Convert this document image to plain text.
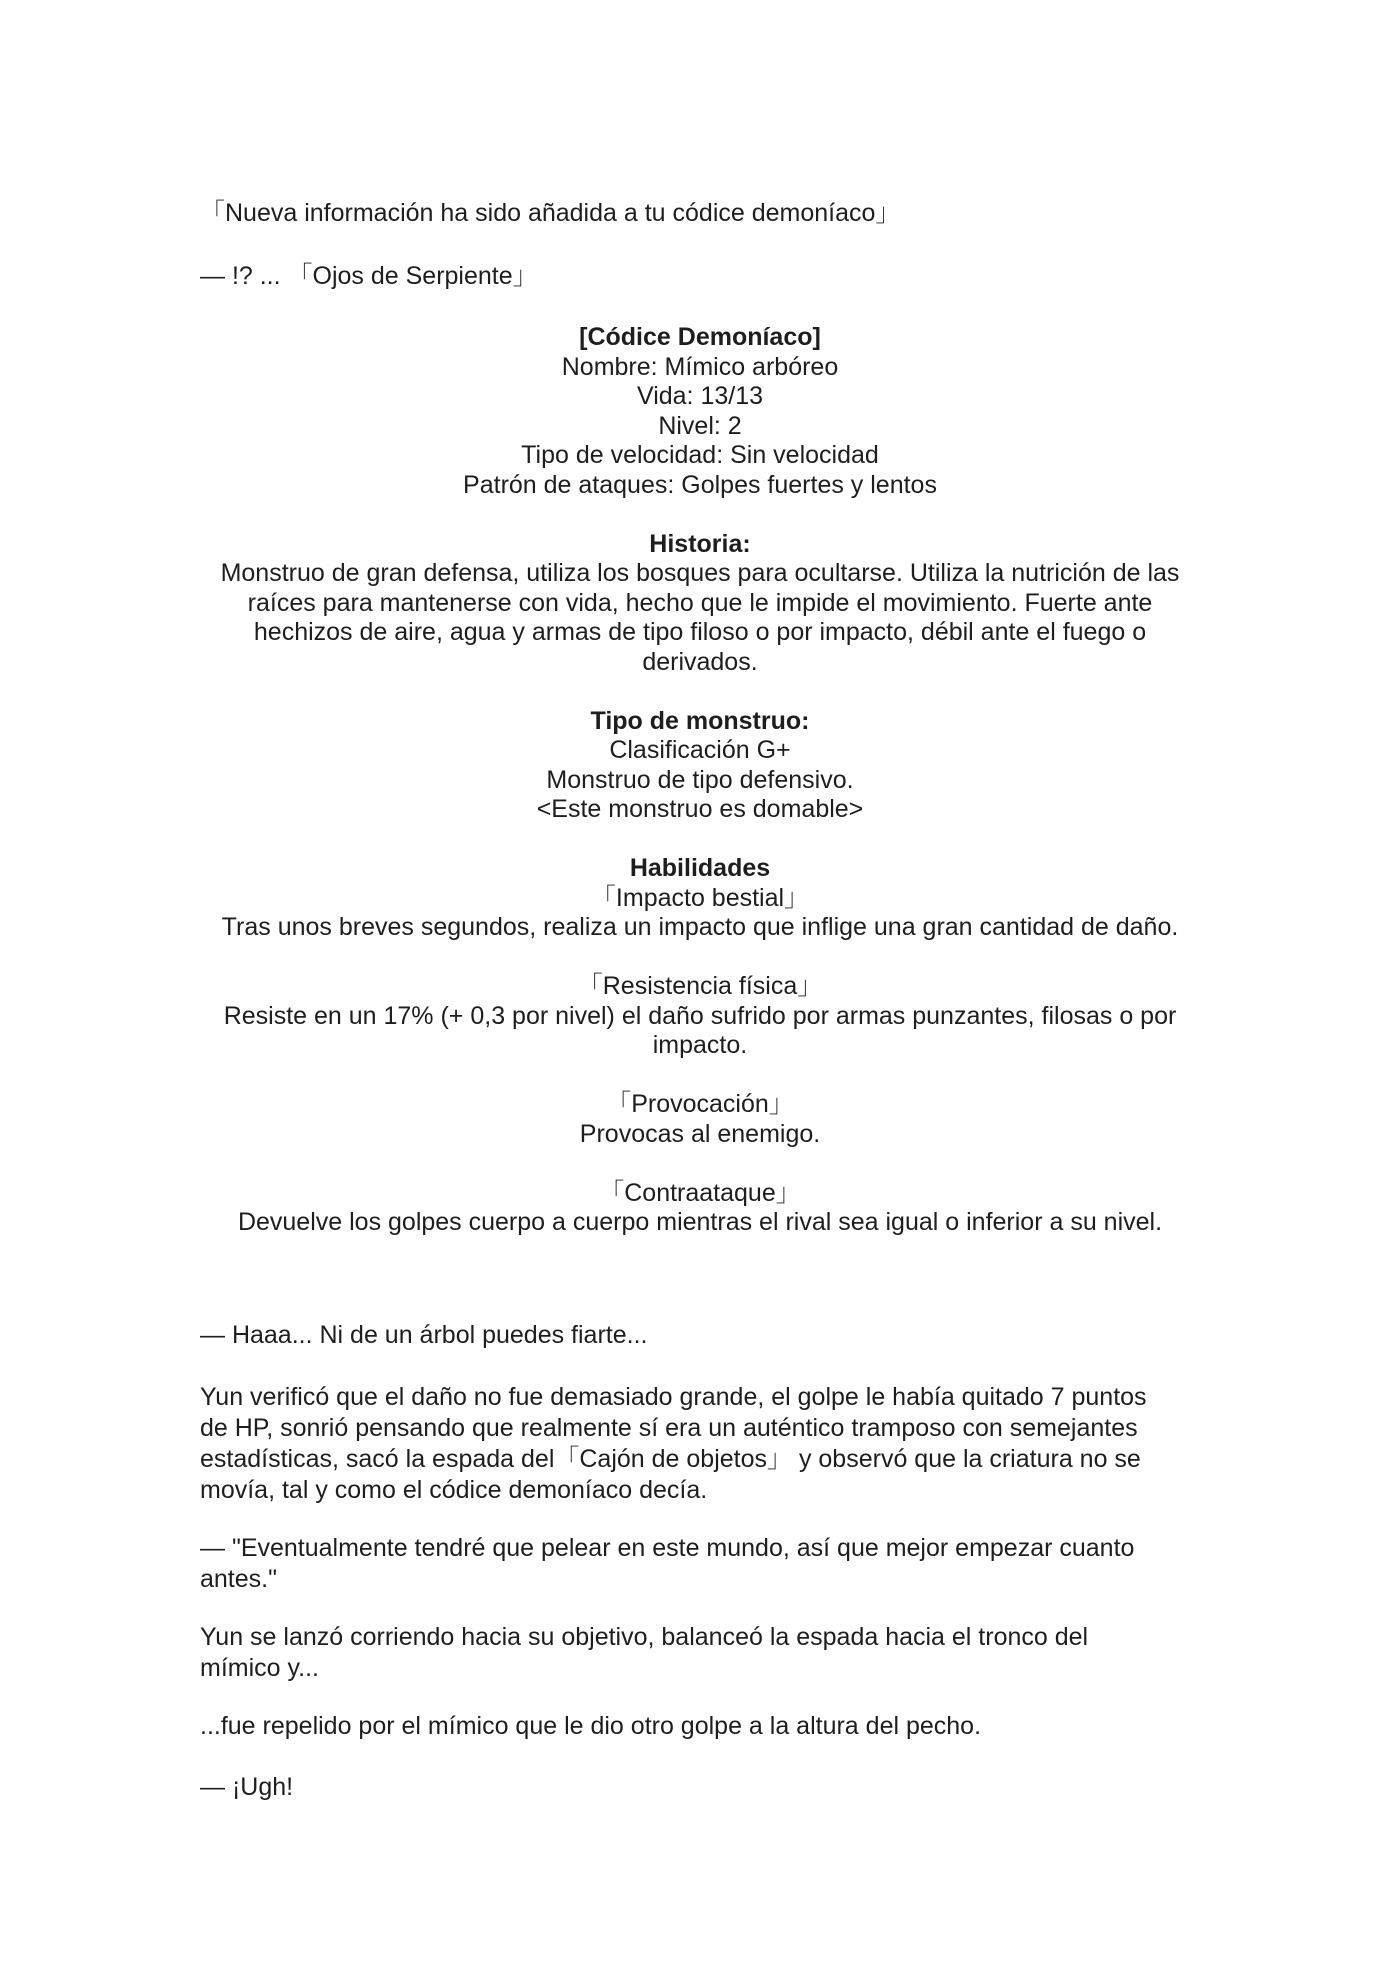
「Nueva información ha sido añadida a tu códice demoníaco」
— !? ... 「Ojos de Serpiente」
[Códice Demoníaco]
Nombre: Mímico arbóreo
Vida: 13/13
Nivel: 2
Tipo de velocidad: Sin velocidad
Patrón de ataques: Golpes fuertes y lentos
Historia:
Monstruo de gran defensa, utiliza los bosques para ocultarse. Utiliza la nutrición de las
raíces para mantenerse con vida, hecho que le impide el movimiento. Fuerte ante
hechizos de aire, agua y armas de tipo filoso o por impacto, débil ante el fuego o
derivados.
Tipo de monstruo:
Clasificación G+
Monstruo de tipo defensivo.
<Este monstruo es domable>
Habilidades
「Impacto bestial」
Tras unos breves segundos, realiza un impacto que inflige una gran cantidad de daño.
「Resistencia física」
Resiste en un 17% (+ 0,3 por nivel) el daño sufrido por armas punzantes, filosas o por
impacto.
「Provocación」
Provocas al enemigo.
「Contraataque」
Devuelve los golpes cuerpo a cuerpo mientras el rival sea igual o inferior a su nivel.
— Haaa... Ni de un árbol puedes fiarte...
Yun verificó que el daño no fue demasiado grande, el golpe le había quitado 7 puntos
de HP, sonrió pensando que realmente sí era un auténtico tramposo con semejantes
estadísticas, sacó la espada del「Cajón de objetos」 y observó que la criatura no se
movía, tal y como el códice demoníaco decía.
— "Eventualmente tendré que pelear en este mundo, así que mejor empezar cuanto
antes."
Yun se lanzó corriendo hacia su objetivo, balanceó la espada hacia el tronco del
mímico y...
...fue repelido por el mímico que le dio otro golpe a la altura del pecho.
— ¡Ugh!
